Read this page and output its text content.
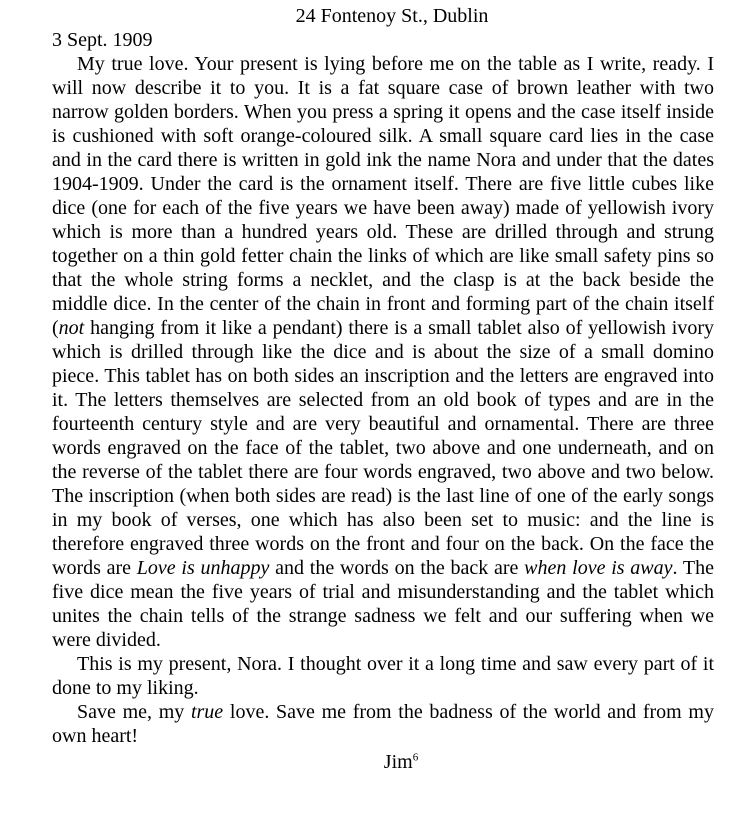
24 Fontenoy St., Dublin

3 Sept. 1909

My true love. Your present is lying before me on the table as I write, ready. I will now describe it to you. It is a fat square case of brown leather with two narrow golden borders. When you press a spring it opens and the case itself inside is cushioned with soft orange-coloured silk. A small square card lies in the case and in the card there is written in gold ink the name Nora and under that the dates 1904-1909. Under the card is the ornament itself. There are five little cubes like dice (one for each of the five years we have been away) made of yellowish ivory which is more than a hundred years old. These are drilled through and strung together on a thin gold fetter chain the links of which are like small safety pins so that the whole string forms a necklet, and the clasp is at the back beside the middle dice. In the center of the chain in front and forming part of the chain itself (not hanging from it like a pendant) there is a small tablet also of yellowish ivory which is drilled through like the dice and is about the size of a small domino piece. This tablet has on both sides an inscription and the letters are engraved into it. The letters themselves are selected from an old book of types and are in the fourteenth century style and are very beautiful and ornamental. There are three words engraved on the face of the tablet, two above and one underneath, and on the reverse of the tablet there are four words engraved, two above and two below. The inscription (when both sides are read) is the last line of one of the early songs in my book of verses, one which has also been set to music: and the line is therefore engraved three words on the front and four on the back. On the face the words are Love is unhappy and the words on the back are when love is away. The five dice mean the five years of trial and misunderstanding and the tablet which unites the chain tells of the strange sadness we felt and our suffering when we were divided.

This is my present, Nora. I thought over it a long time and saw every part of it done to my liking.

Save me, my true love. Save me from the badness of the world and from my own heart!

Jim$^6$
